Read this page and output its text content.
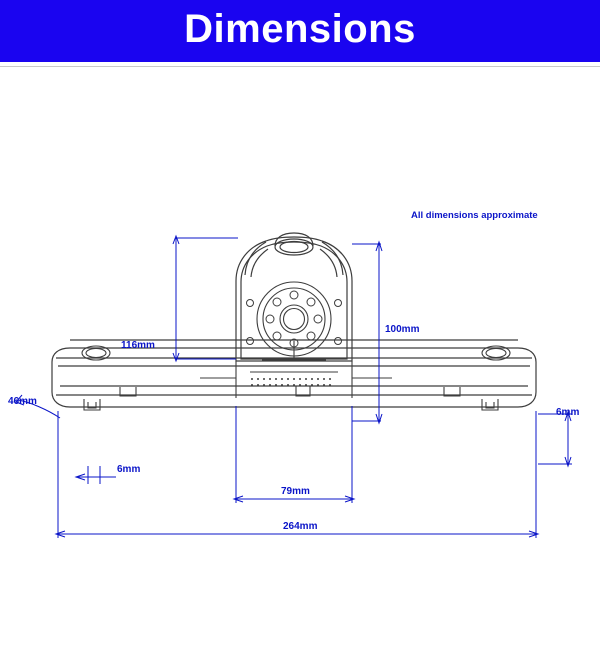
Dimensions
All dimensions approximate
116mm
100mm
46mm
6mm
79mm
264mm
6mm
